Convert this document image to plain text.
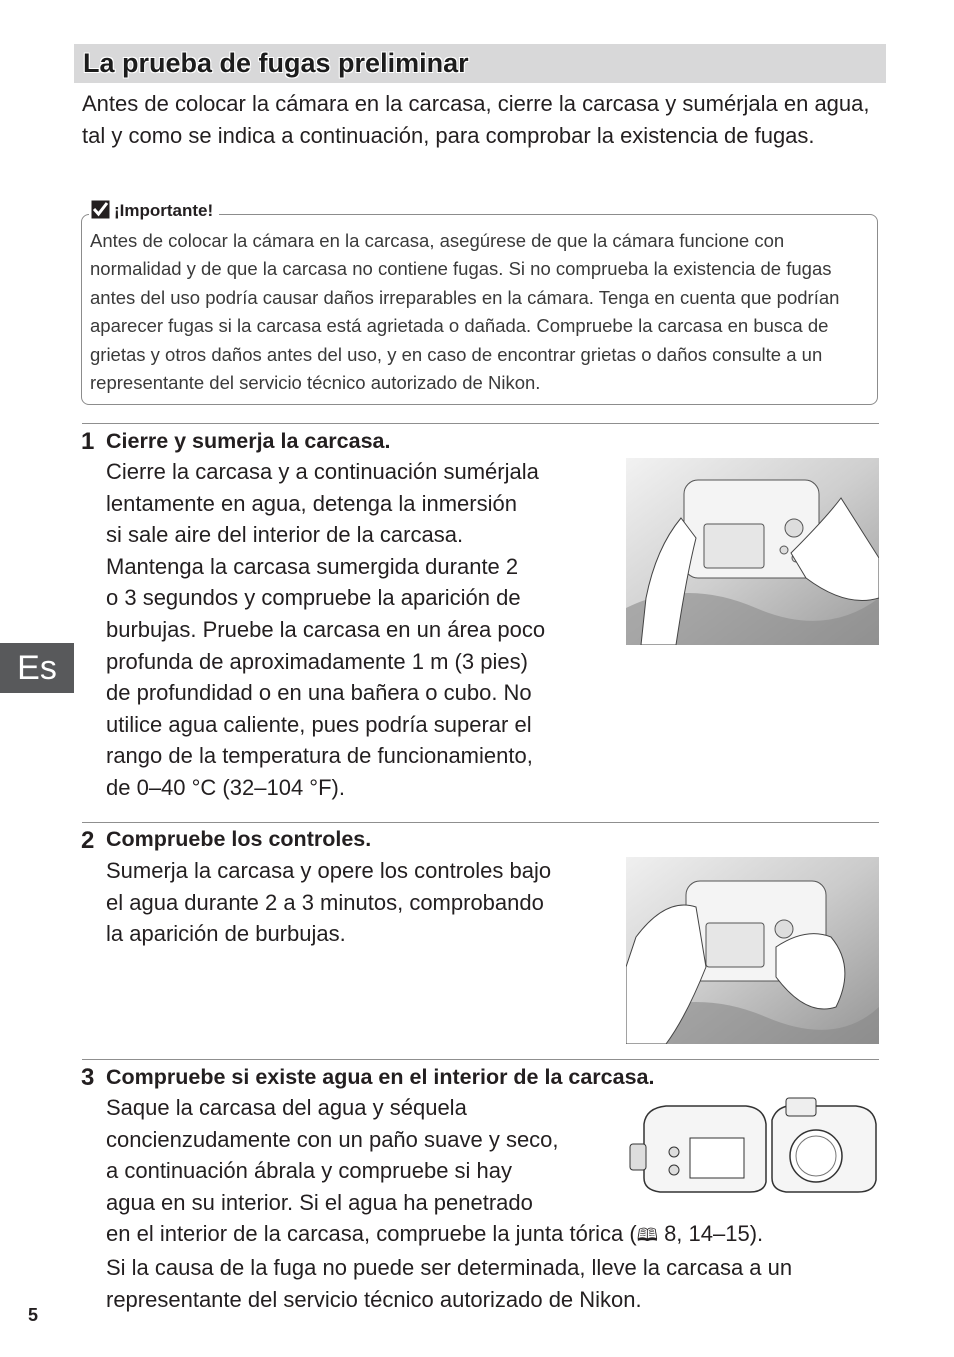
La prueba de fugas preliminar
Antes de colocar la cámara en la carcasa, cierre la carcasa y sumérjala en agua, tal y como se indica a continuación, para comprobar la existencia de fugas.
¡Importante!
Antes de colocar la cámara en la carcasa, asegúrese de que la cámara funcione con normalidad y de que la carcasa no contiene fugas. Si no comprueba la existencia de fugas antes del uso podría causar daños irreparables en la cámara. Tenga en cuenta que podrían aparecer fugas si la carcasa está agrietada o dañada. Compruebe la carcasa en busca de grietas y otros daños antes del uso, y en caso de encontrar grietas o daños consulte a un representante del servicio técnico autorizado de Nikon.
1 Cierre y sumerja la carcasa.
Cierre la carcasa y a continuación sumérjala
lentamente en agua, detenga la inmersión
si sale aire del interior de la carcasa.
Mantenga la carcasa sumergida durante 2
o 3 segundos y compruebe la aparición de
burbujas. Pruebe la carcasa en un área poco
profunda de aproximadamente 1 m (3 pies)
de profundidad o en una bañera o cubo. No
utilice agua caliente, pues podría superar el
rango de la temperatura de funcionamiento,
de 0–40 °C (32–104 °F).
2 Compruebe los controles.
Sumerja la carcasa y opere los controles bajo
el agua durante 2 a 3 minutos, comprobando
la aparición de burbujas.
3 Compruebe si existe agua en el interior de la carcasa.
Saque la carcasa del agua y séquela
concienzudamente con un paño suave y seco,
a continuación ábrala y compruebe si hay
agua en su interior. Si el agua ha penetrado
en el interior de la carcasa, compruebe la junta tórica (🕮 8, 14–15).
Si la causa de la fuga no puede ser determinada, lleve la carcasa a un
representante del servicio técnico autorizado de Nikon.
Es
5
